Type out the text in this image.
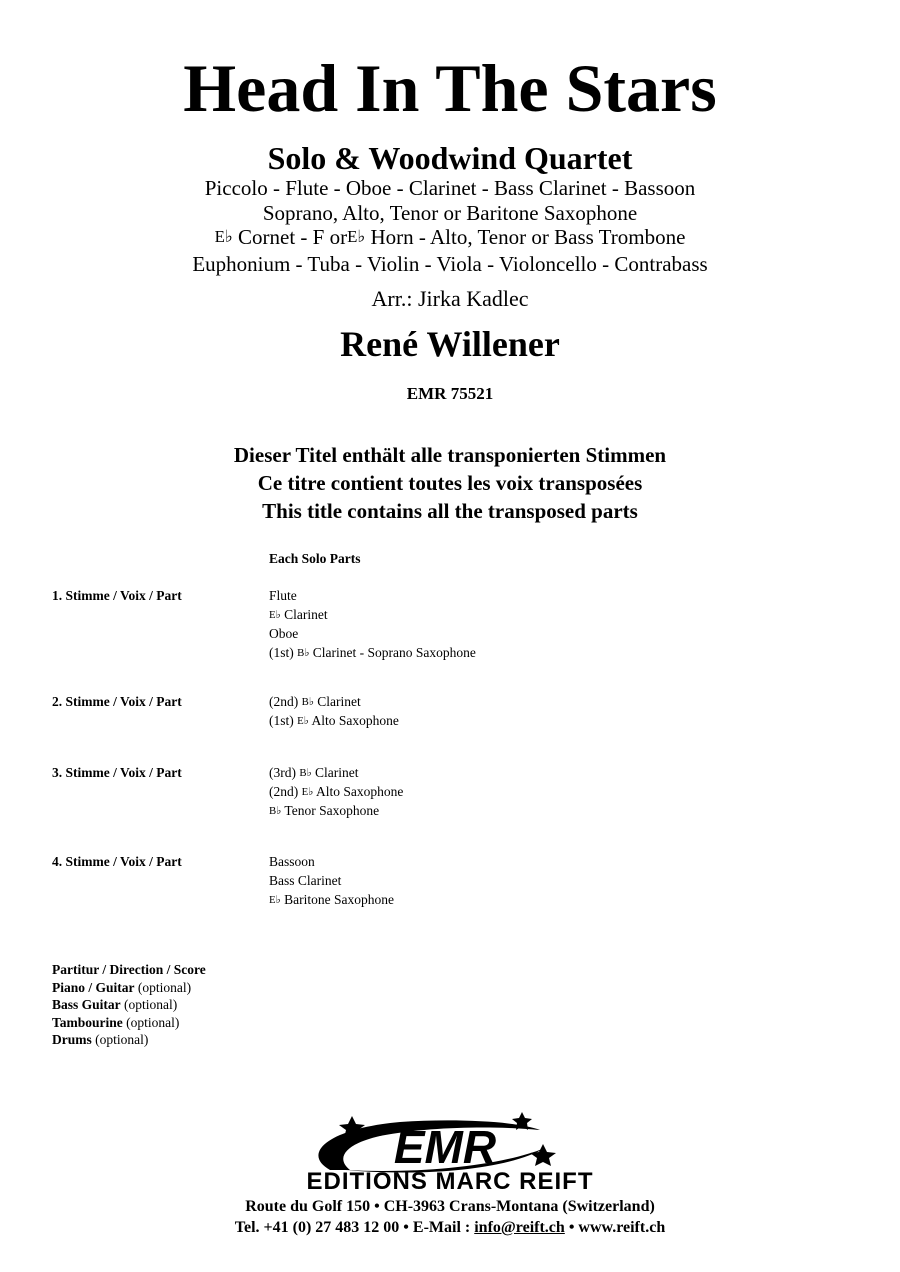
Head In The Stars
Solo & Woodwind Quartet
Piccolo - Flute - Oboe - Clarinet - Bass Clarinet - Bassoon
Soprano, Alto, Tenor or Baritone Saxophone
E♭ Cornet - F orE♭ Horn - Alto, Tenor or Bass Trombone
Euphonium - Tuba - Violin - Viola - Violoncello - Contrabass
Arr.: Jirka Kadlec
René Willener
EMR 75521
Dieser Titel enthält alle transponierten Stimmen
Ce titre contient toutes les voix transposées
This title contains all the transposed parts
Each Solo Parts
1. Stimme / Voix / Part	Flute
E♭ Clarinet
Oboe
(1st) B♭ Clarinet - Soprano Saxophone
2. Stimme / Voix / Part	(2nd) B♭ Clarinet
(1st) E♭ Alto Saxophone
3. Stimme / Voix / Part	(3rd) B♭ Clarinet
(2nd) E♭ Alto Saxophone
B♭ Tenor Saxophone
4. Stimme / Voix / Part	Bassoon
Bass Clarinet
E♭ Baritone Saxophone
Partitur / Direction / Score
Piano / Guitar (optional)
Bass Guitar (optional)
Tambourine (optional)
Drums (optional)
EMR
EDITIONS MARC REIFT
Route du Golf 150 • CH-3963 Crans-Montana (Switzerland)
Tel. +41 (0) 27 483 12 00 • E-Mail : info@reift.ch • www.reift.ch
